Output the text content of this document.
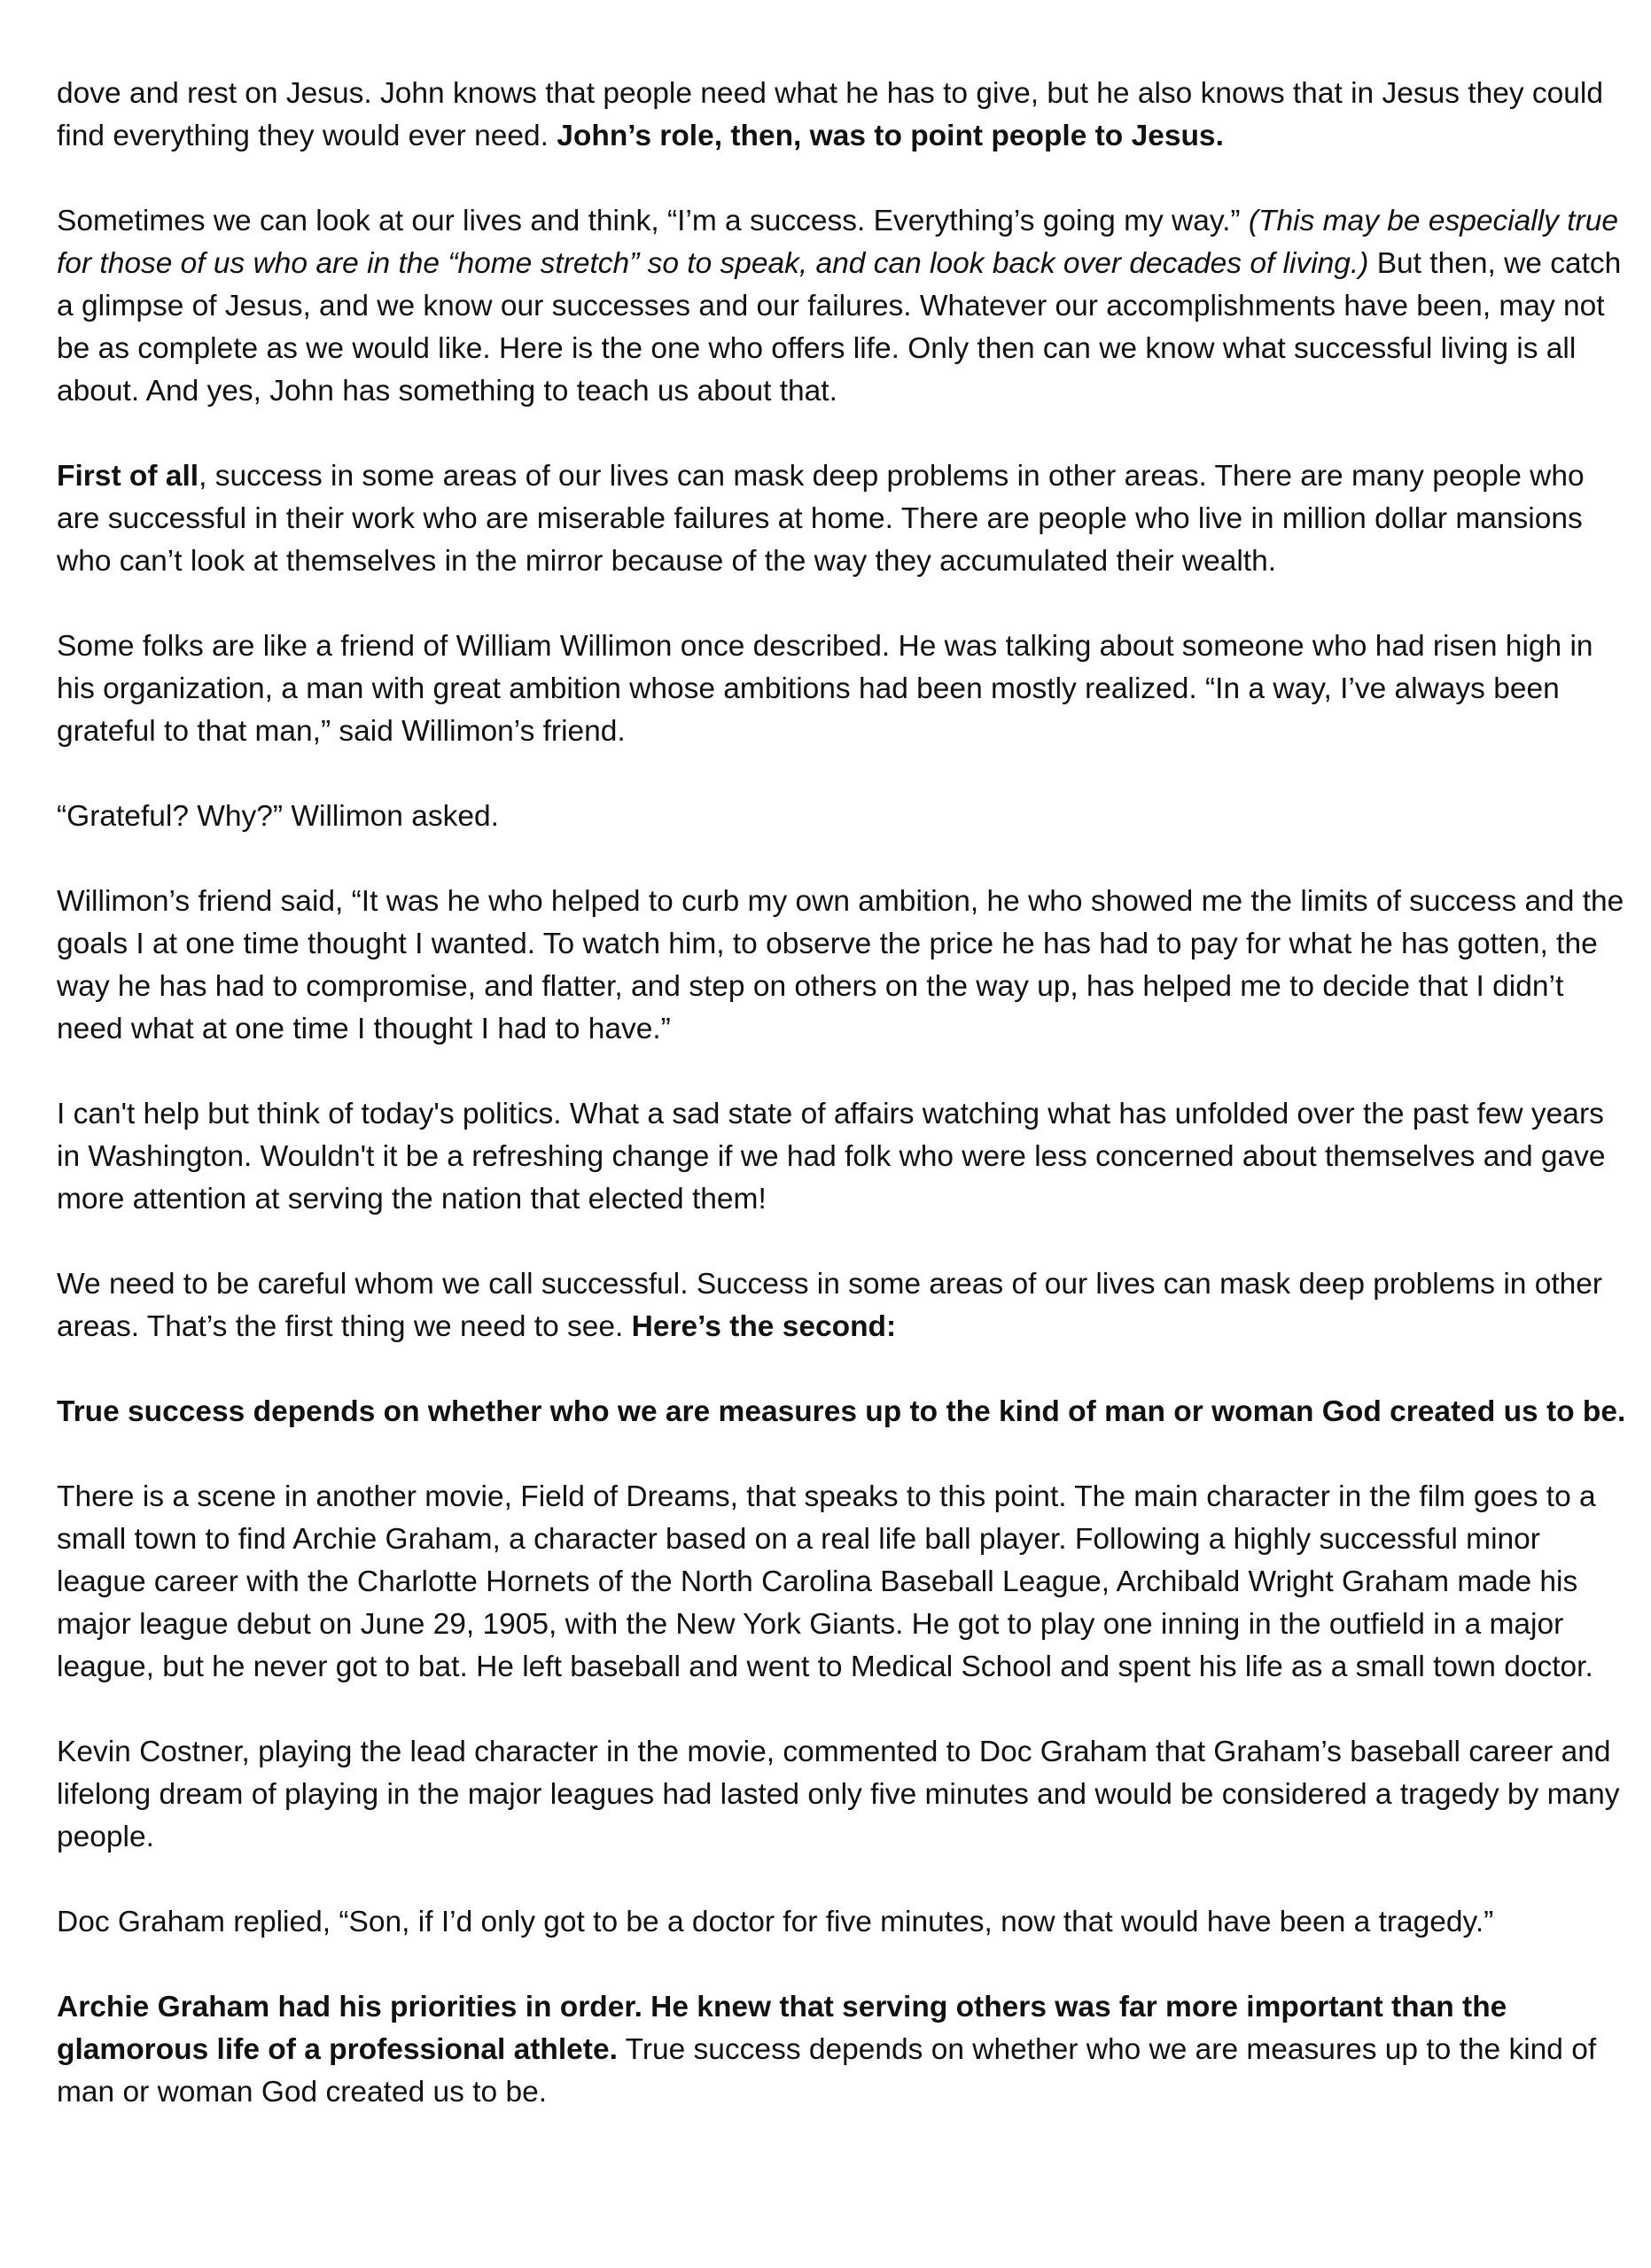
dove and rest on Jesus. John knows that people need what he has to give, but he also knows that in Jesus they could find everything they would ever need. John’s role, then, was to point people to Jesus.

Sometimes we can look at our lives and think, “I’m a success. Everything’s going my way.” (This may be especially true for those of us who are in the “home stretch” so to speak, and can look back over decades of living.) But then, we catch a glimpse of Jesus, and we know our successes and our failures. Whatever our accomplishments have been, may not be as complete as we would like. Here is the one who offers life. Only then can we know what successful living is all about. And yes, John has something to teach us about that.

First of all, success in some areas of our lives can mask deep problems in other areas. There are many people who are successful in their work who are miserable failures at home. There are people who live in million dollar mansions who can’t look at themselves in the mirror because of the way they accumulated their wealth.

Some folks are like a friend of William Willimon once described. He was talking about someone who had risen high in his organization, a man with great ambition whose ambitions had been mostly realized. “In a way, I’ve always been grateful to that man,” said Willimon’s friend.

“Grateful? Why?” Willimon asked.

Willimon’s friend said, “It was he who helped to curb my own ambition, he who showed me the limits of success and the goals I at one time thought I wanted. To watch him, to observe the price he has had to pay for what he has gotten, the way he has had to compromise, and flatter, and step on others on the way up, has helped me to decide that I didn’t need what at one time I thought I had to have.”

I can't help but think of today's politics. What a sad state of affairs watching what has unfolded over the past few years in Washington. Wouldn't it be a refreshing change if we had folk who were less concerned about themselves and gave more attention at serving the nation that elected them!

We need to be careful whom we call successful. Success in some areas of our lives can mask deep problems in other areas. That’s the first thing we need to see. Here’s the second:

True success depends on whether who we are measures up to the kind of man or woman God created us to be.

There is a scene in another movie, Field of Dreams, that speaks to this point. The main character in the film goes to a small town to find Archie Graham, a character based on a real life ball player. Following a highly successful minor league career with the Charlotte Hornets of the North Carolina Baseball League, Archibald Wright Graham made his major league debut on June 29, 1905, with the New York Giants. He got to play one inning in the outfield in a major league, but he never got to bat. He left baseball and went to Medical School and spent his life as a small town doctor.

Kevin Costner, playing the lead character in the movie, commented to Doc Graham that Graham’s baseball career and lifelong dream of playing in the major leagues had lasted only five minutes and would be considered a tragedy by many people.

Doc Graham replied, “Son, if I’d only got to be a doctor for five minutes, now that would have been a tragedy.”

Archie Graham had his priorities in order. He knew that serving others was far more important than the glamorous life of a professional athlete. True success depends on whether who we are measures up to the kind of man or woman God created us to be.
